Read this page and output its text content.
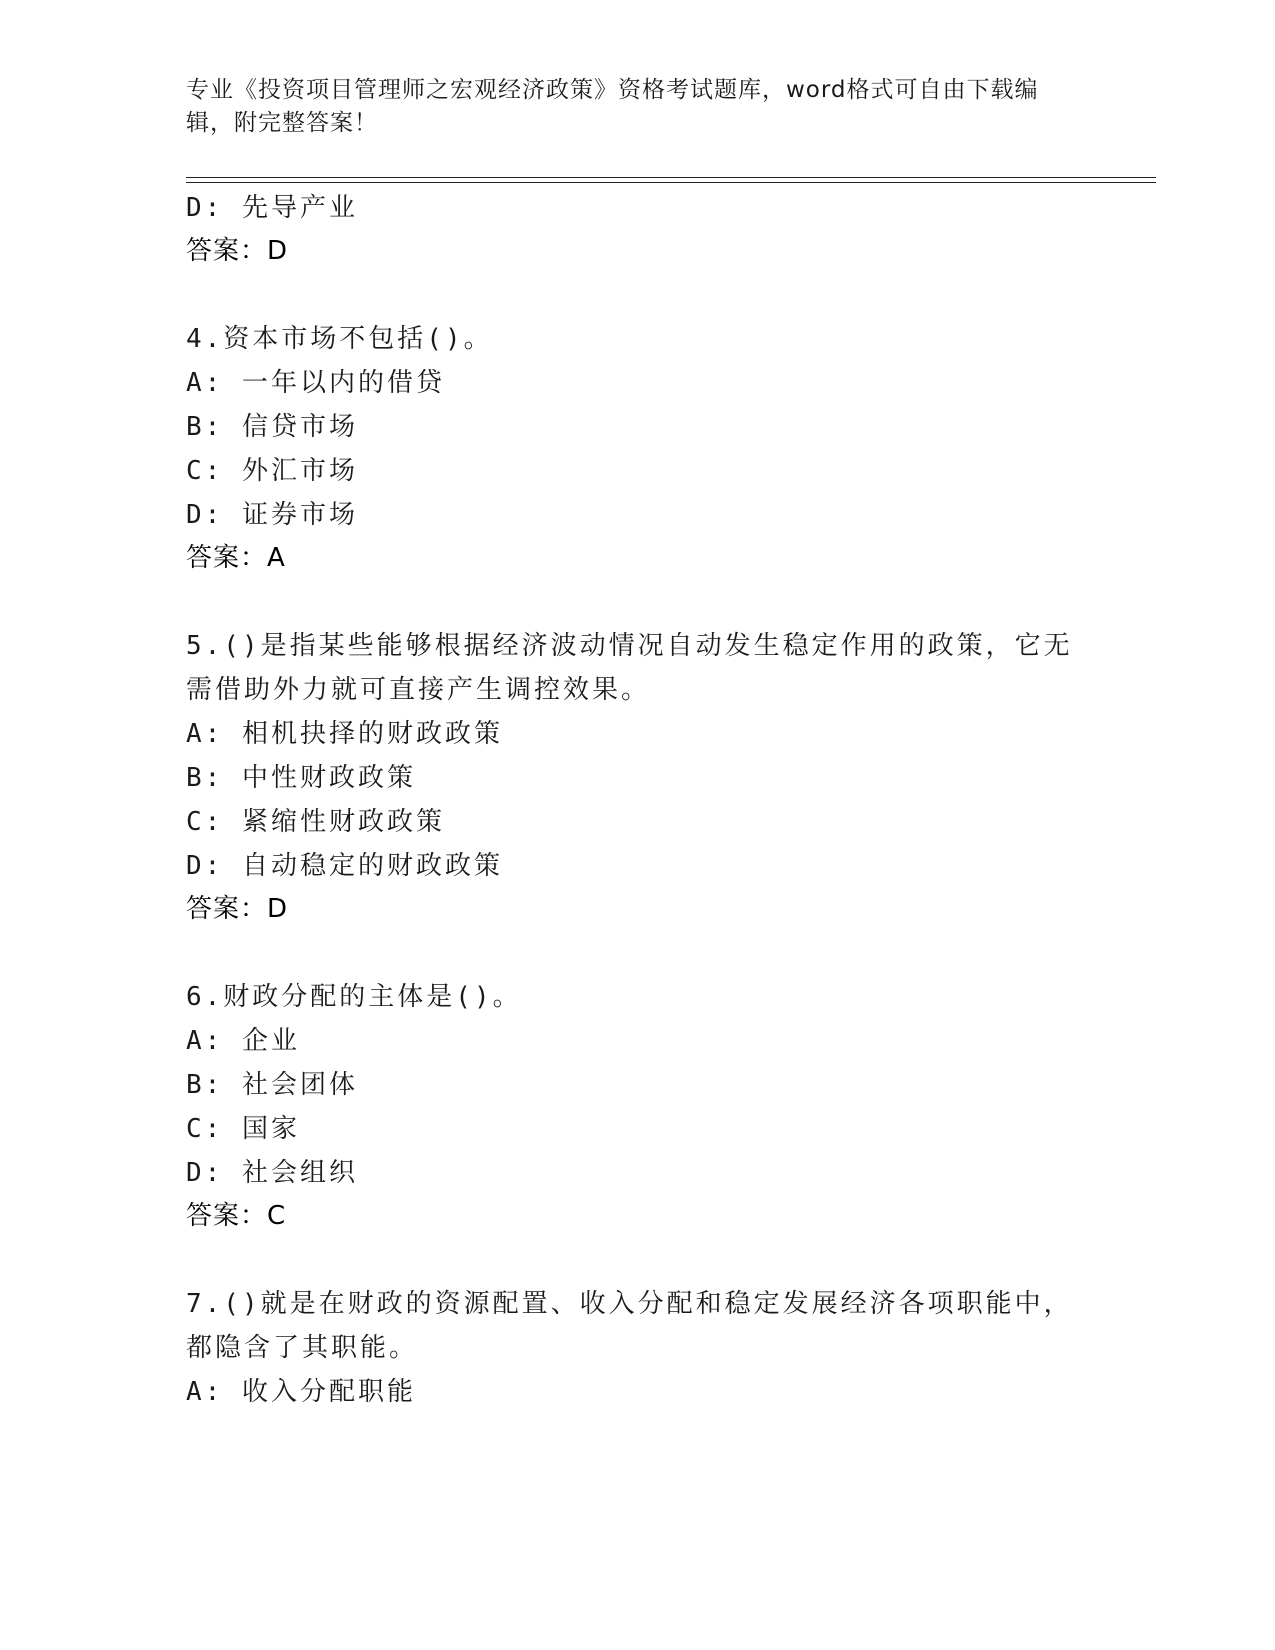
专业《投资项目管理师之宏观经济政策》资格考试题库，word格式可自由下载编
辑，附完整答案！
D: 先导产业
答案：D
4.资本市场不包括()。
A: 一年以内的借贷
B: 信贷市场
C: 外汇市场
D: 证券市场
答案：A
5.()是指某些能够根据经济波动情况自动发生稳定作用的政策，它无
需借助外力就可直接产生调控效果。
A: 相机抉择的财政政策
B: 中性财政政策
C: 紧缩性财政政策
D: 自动稳定的财政政策
答案：D
6.财政分配的主体是()。
A: 企业
B: 社会团体
C: 国家
D: 社会组织
答案：C
7.()就是在财政的资源配置、收入分配和稳定发展经济各项职能中，
都隐含了其职能。
A: 收入分配职能
